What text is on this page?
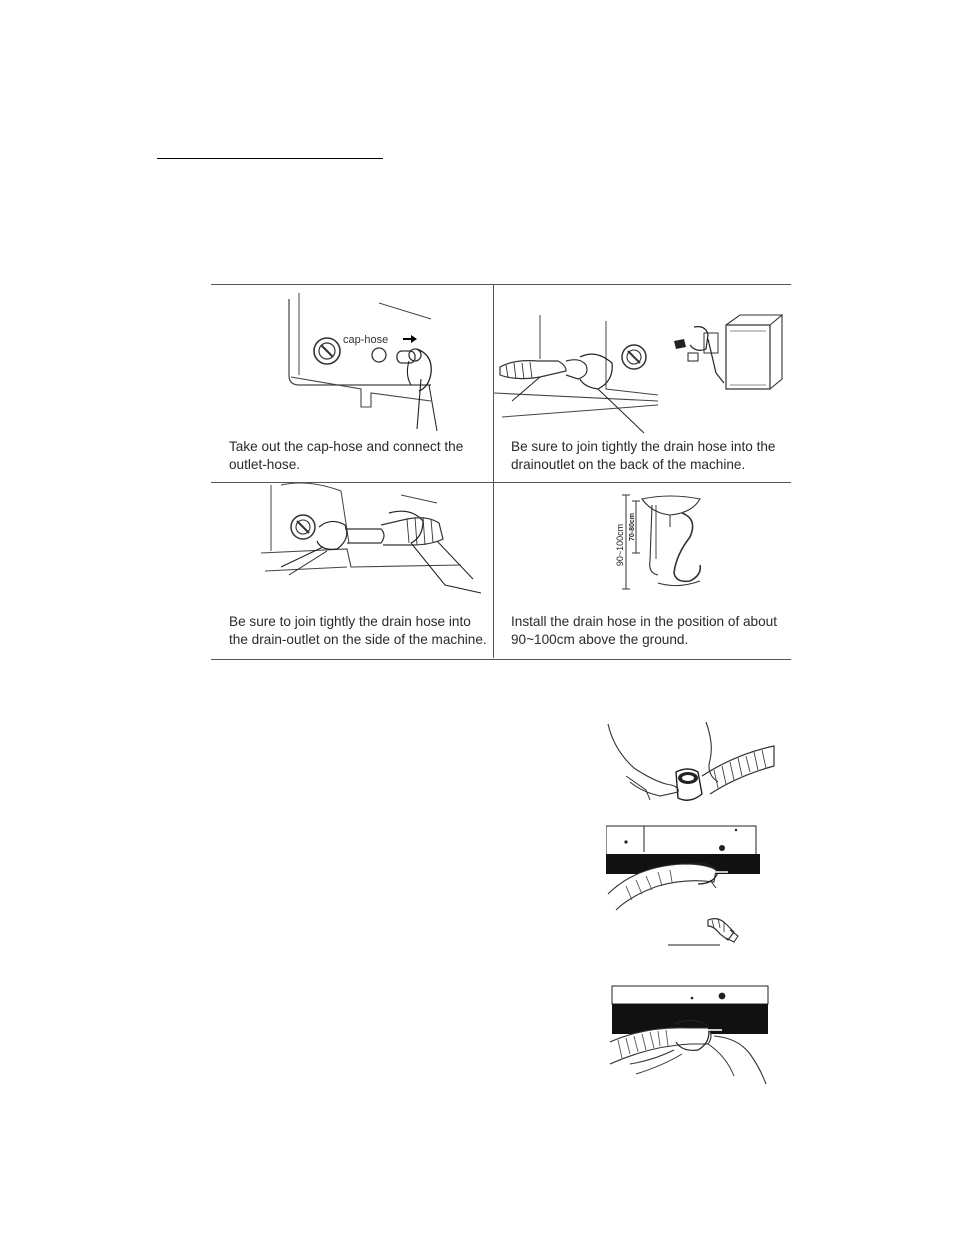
cap-hose
Take out the cap-hose and connect the
outlet-hose.
Be sure to join tightly the drain hose into the
drainoutlet on the back of the machine.
Be sure to join tightly the drain hose into
the drain-outlet on the side of the machine.
90~100cm 70-80cm
Install the drain hose in the position of about
90~100cm above the ground.
